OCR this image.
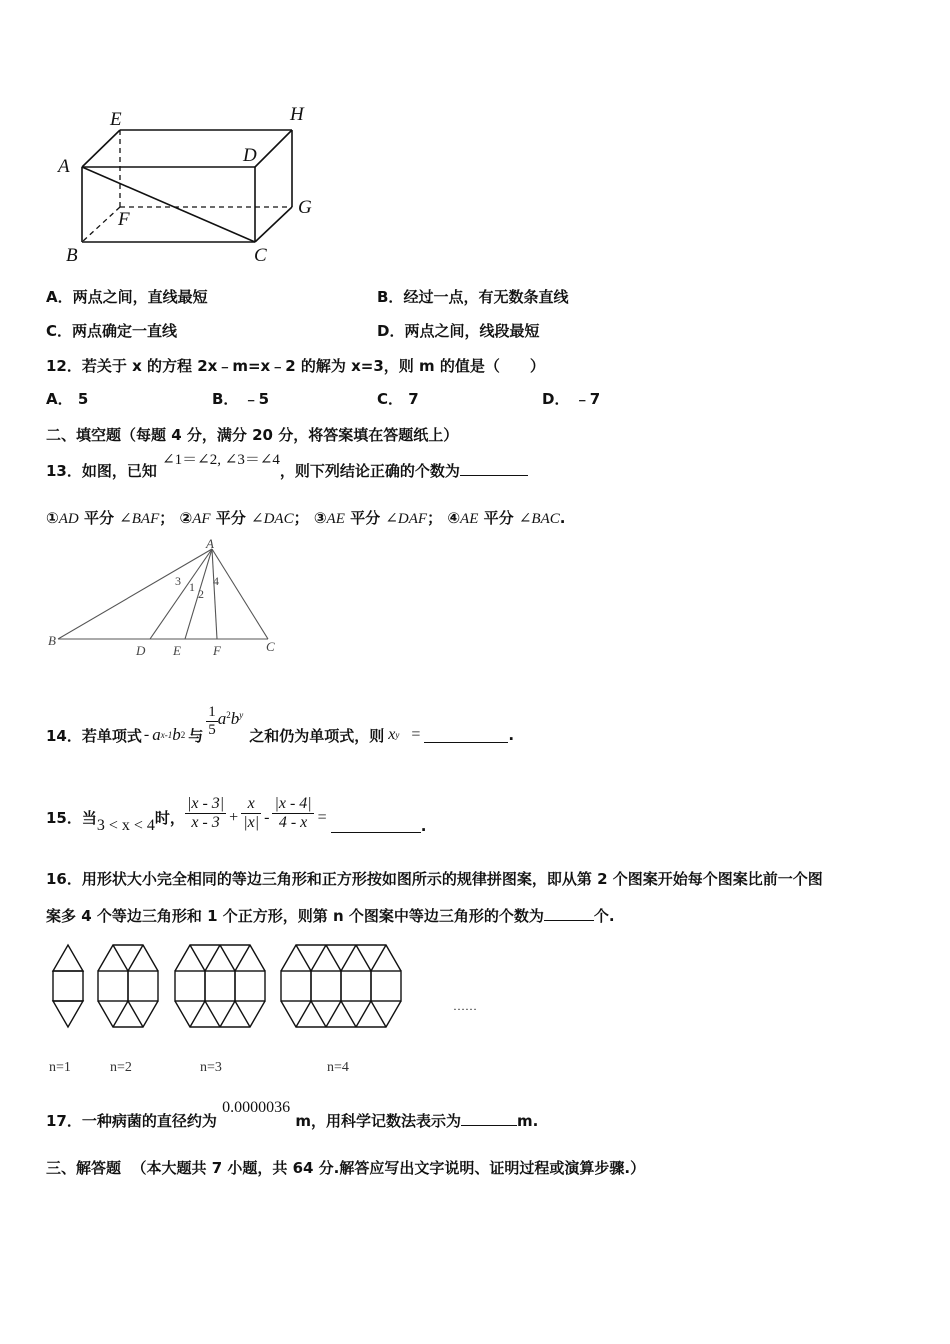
E	H
A
D
F
G
B	C
A．两点之间，直线最短	B．经过一点，有无数条直线
C．两点确定一直线	D．两点之间，线段最短
12．若关于 x 的方程 2x﹣m=x﹣2 的解为 x=3，则 m 的值是（　　）
A． 5	B． ﹣5	C． 7	D． ﹣7
二、填空题（每题 4 分，满分 20 分，将答案填在答题纸上）
13．如图，已知 ∠1＝∠2, ∠3＝∠4，则下列结论正确的个数为
①AD 平分 ∠BAF； ②AF 平分 ∠DAC； ③AE 平分 ∠DAF； ④AE 平分 ∠BAC.
A
B	C
D E F
3 1 2
4
14．若单项式 - a x-1 b 2 与 $\frac{1}{5} a^2b^y$
之和仍为单项式，则 x y =	.
15．当 3 < x < 4 时， $\frac{|x - 3|}{x - 3} + \frac{x}{|x|} - \frac{|x - 4|}{4 - x}$ =	.
16．用形状大小完全相同的等边三角形和正方形按如图所示的规律拼图案，即从第 2 个图案开始每个图案比前一个图
案多 4 个等边三角形和 1 个正方形，则第 n 个图案中等边三角形的个数为	个.
……
n=1	n=2	n=3	n=4
17．一种病菌的直径约为 0.0000036 m，用科学记数法表示为	m.
三、解答题 （本大题共 7 小题，共 64 分.解答应写出文字说明、证明过程或演算步骤.）
